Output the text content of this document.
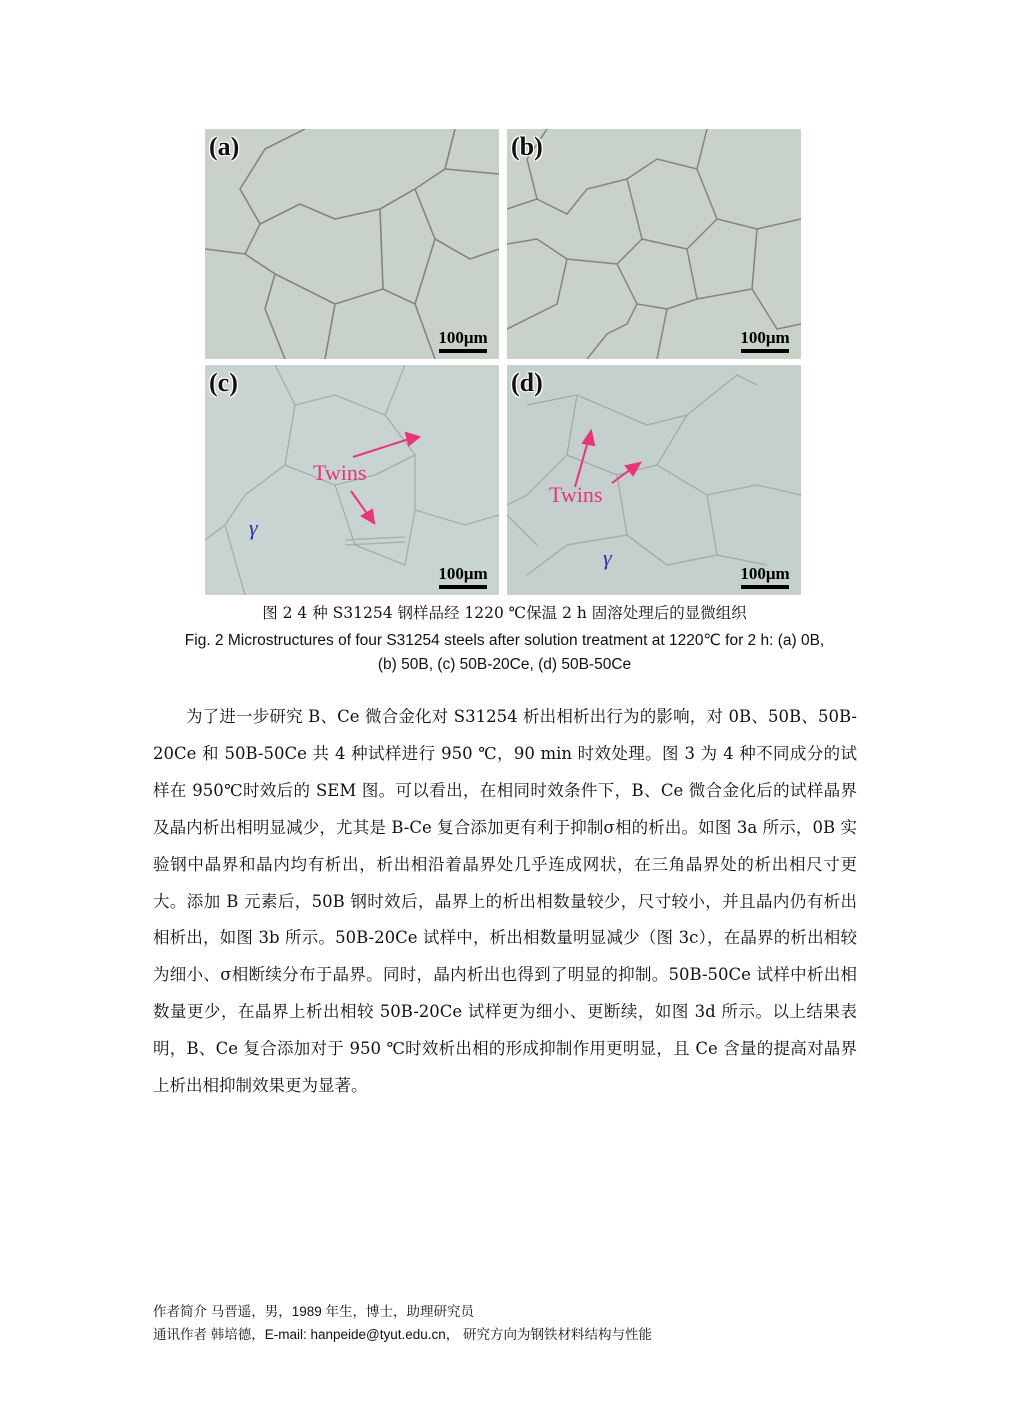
(a)
100μm
(b)
100μm
(c)
Twins
γ
100μm
(d)
Twins
γ
100μm
图 2 4 种 S31254 钢样品经 1220 ℃保温 2 h 固溶处理后的显微组织
Fig. 2 Microstructures of four S31254 steels after solution treatment at 1220℃ for 2 h: (a) 0B,
(b) 50B, (c) 50B-20Ce, (d) 50B-50Ce

为了进一步研究 B、Ce 微合金化对 S31254 析出相析出行为的影响，对 0B、50B、50B-20Ce 和 50B-50Ce 共 4 种试样进行 950 ℃，90 min 时效处理。图 3 为 4 种不同成分的试样在 950℃时效后的 SEM 图。可以看出，在相同时效条件下，B、Ce 微合金化后的试样晶界及晶内析出相明显减少，尤其是 B-Ce 复合添加更有利于抑制σ相的析出。如图 3a 所示，0B 实验钢中晶界和晶内均有析出，析出相沿着晶界处几乎连成网状，在三角晶界处的析出相尺寸更大。添加 B 元素后，50B 钢时效后，晶界上的析出相数量较少，尺寸较小，并且晶内仍有析出相析出，如图 3b 所示。50B-20Ce 试样中，析出相数量明显减少（图 3c），在晶界的析出相较为细小、σ相断续分布于晶界。同时，晶内析出也得到了明显的抑制。50B-50Ce 试样中析出相数量更少，在晶界上析出相较 50B-20Ce 试样更为细小、更断续，如图 3d 所示。以上结果表明，B、Ce 复合添加对于 950 ℃时效析出相的形成抑制作用更明显，且 Ce 含量的提高对晶界上析出相抑制效果更为显著。

作者简介 马晋遥，男，1989 年生，博士，助理研究员
通讯作者 韩培德，E-mail: hanpeide@tyut.edu.cn， 研究方向为钢铁材料结构与性能
